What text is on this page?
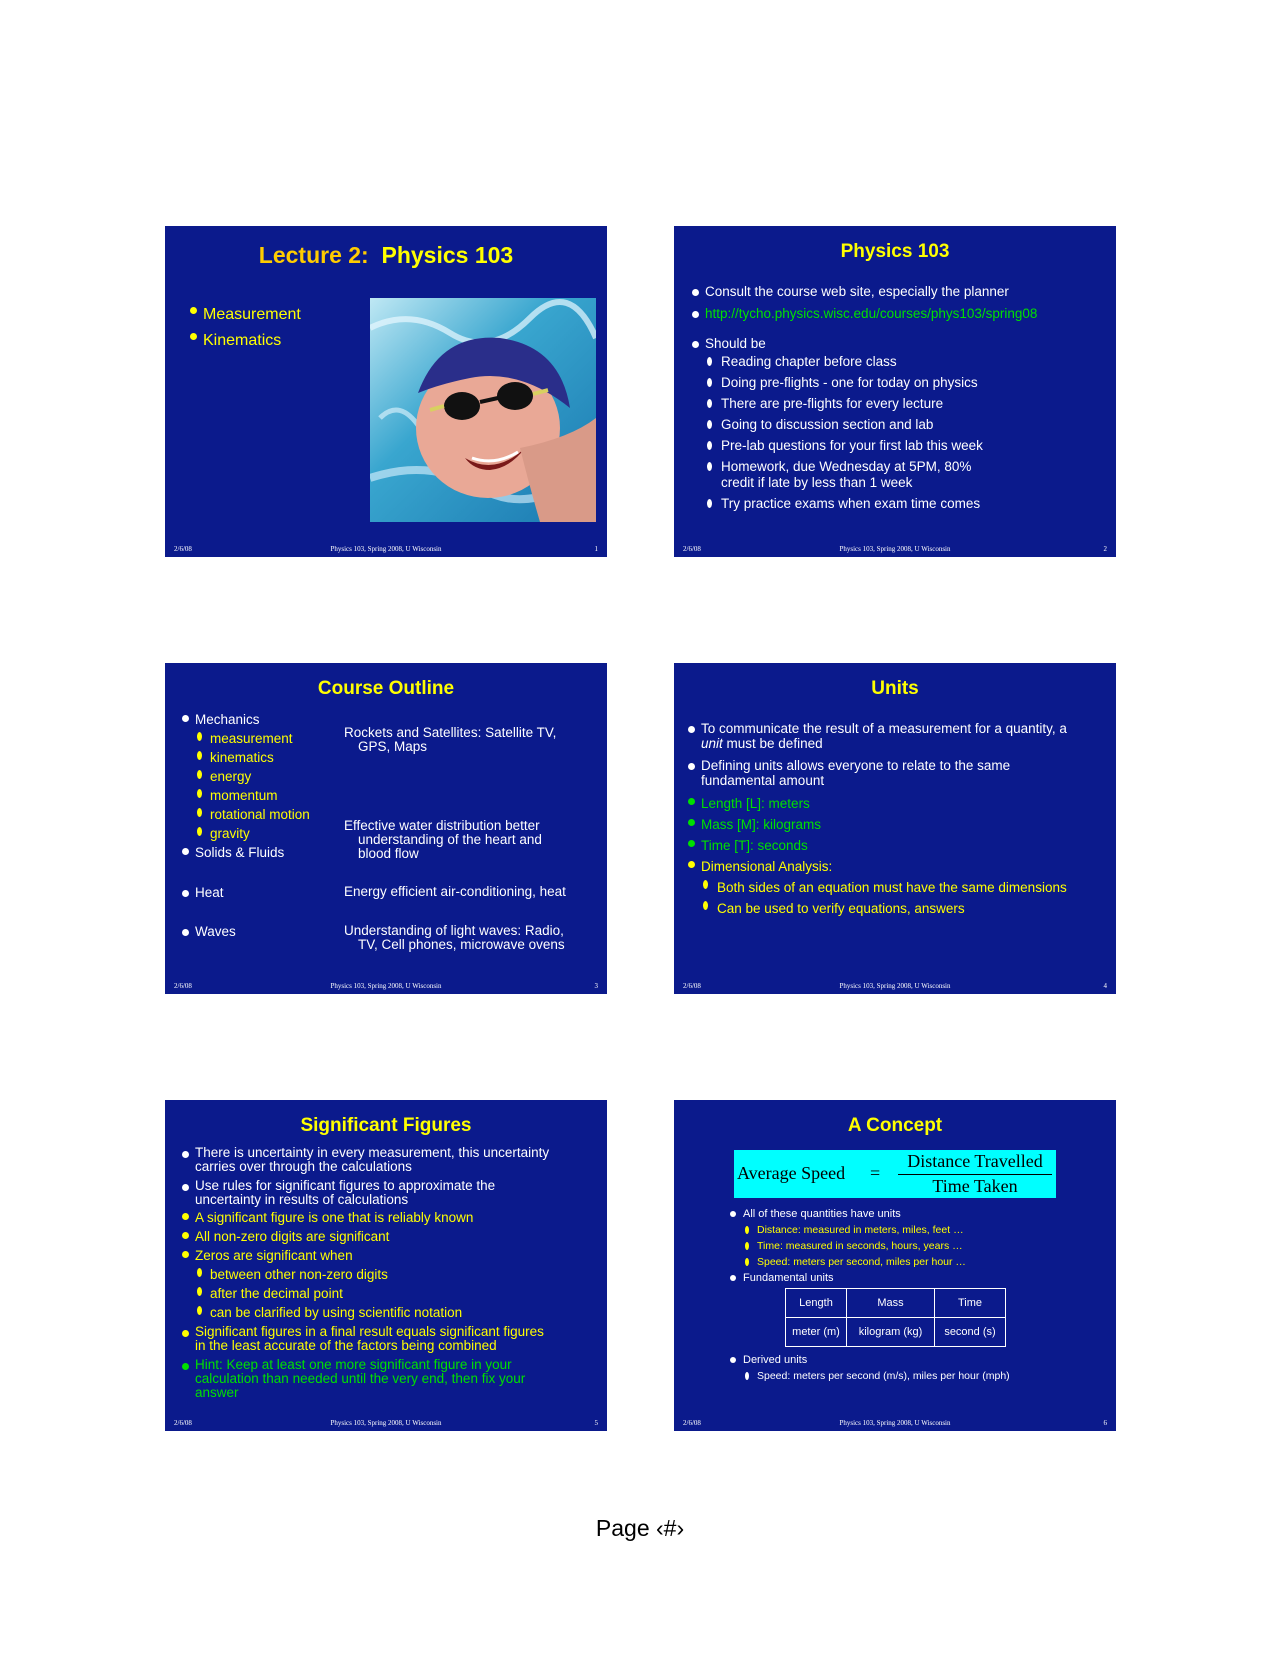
Lecture 2: Physics 103
Measurement
Kinematics
2/6/08	Physics 103, Spring 2008, U Wisconsin	1
Physics 103
Consult the course web site, especially the planner
http://tycho.physics.wisc.edu/courses/phys103/spring08
Should be
Reading chapter before class
Doing pre-flights - one for today on physics
There are pre-flights for every lecture
Going to discussion section and lab
Pre-lab questions for your first lab this week
Homework, due Wednesday at 5PM, 80%
credit if late by less than 1 week
Try practice exams when exam time comes
2/6/08	Physics 103, Spring 2008, U Wisconsin	2
Course Outline
Mechanics
measurement
kinematics
energy
momentum
rotational motion
gravity
Solids & Fluids
Heat
Waves
Rockets and Satellites: Satellite TV,

GPS, Maps
Effective water distribution better

understanding of the heart and
blood flow
Energy efficient air-conditioning, heat
Understanding of light waves: Radio,

TV, Cell phones, microwave ovens
2/6/08	Physics 103, Spring 2008, U Wisconsin	3
Units
To communicate the result of a measurement for a quantity, a
unit must be defined
Defining units allows everyone to relate to the same
fundamental amount
Length [L]: meters
Mass [M]: kilograms
Time [T]: seconds
Dimensional Analysis:
Both sides of an equation must have the same dimensions
Can be used to verify equations, answers
2/6/08	Physics 103, Spring 2008, U Wisconsin	4
Significant Figures
There is uncertainty in every measurement, this uncertainty
carries over through the calculations
Use rules for significant figures to approximate the
uncertainty in results of calculations
A significant figure is one that is reliably known
All non-zero digits are significant
Zeros are significant when
between other non-zero digits
after the decimal point
can be clarified by using scientific notation
Significant figures in a final result equals significant figures
in the least accurate of the factors being combined
Hint: Keep at least one more significant figure in your
calculation than needed until the very end, then fix your
answer
2/6/08	Physics 103, Spring 2008, U Wisconsin	5
A Concept
Average Speed =
Distance Travelled
Time Taken
All of these quantities have units
Distance: measured in meters, miles, feet …
Time: measured in seconds, hours, years …
Speed: meters per second, miles per hour …
Fundamental units
Length	Mass	Time
meter (m)	kilogram (kg)	second (s)
Derived units
Speed: meters per second (m/s), miles per hour (mph)
2/6/08	Physics 103, Spring 2008, U Wisconsin	6
Page ‹#›
